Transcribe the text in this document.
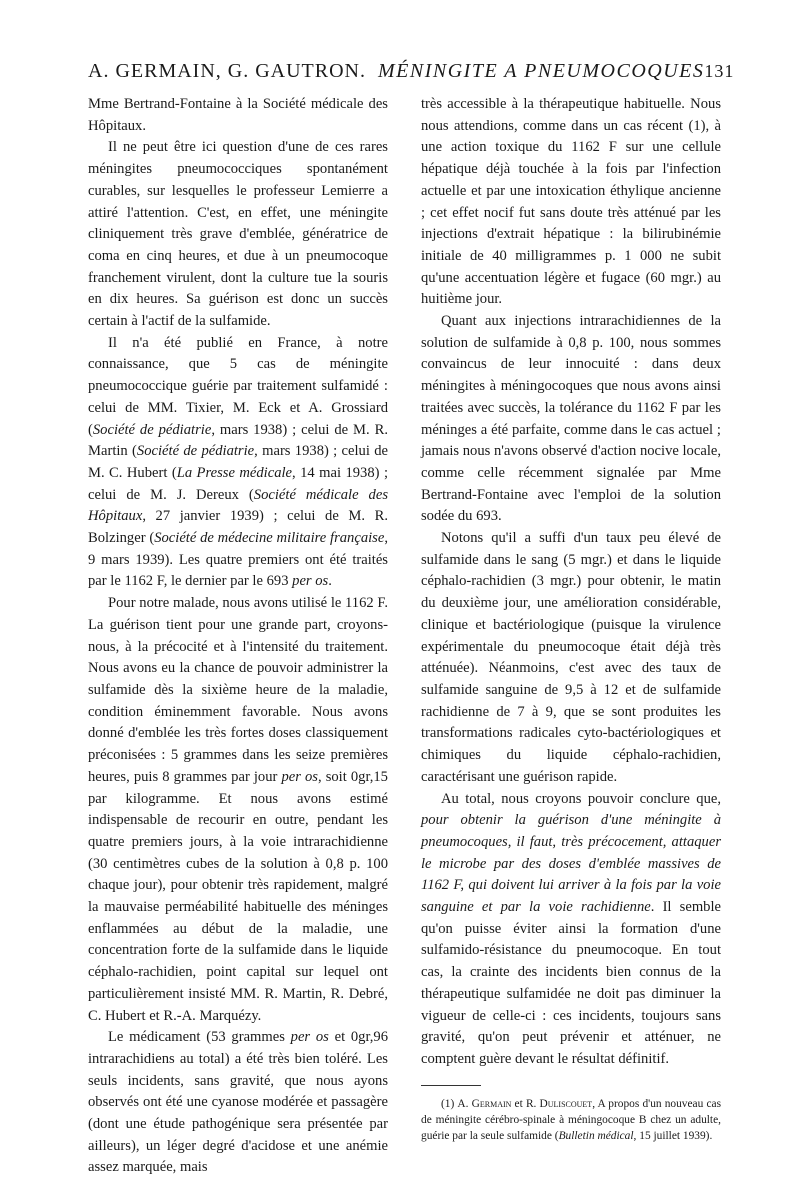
A. GERMAIN, G. GAUTRON. MÉNINGITE A PNEUMOCOQUES 131

Mme Bertrand-Fontaine à la Société médicale des Hôpitaux.

Il ne peut être ici question d'une de ces rares méningites pneumococciques spontanément curables, sur lesquelles le professeur Lemierre a attiré l'attention. C'est, en effet, une méningite cliniquement très grave d'emblée, génératrice de coma en cinq heures, et due à un pneumocoque franchement virulent, dont la culture tue la souris en dix heures. Sa guérison est donc un succès certain à l'actif de la sulfamide.

Il n'a été publié en France, à notre connaissance, que 5 cas de méningite pneumococcique guérie par traitement sulfamidé : celui de MM. Tixier, M. Eck et A. Grossiard (Société de pédiatrie, mars 1938) ; celui de M. R. Martin (Société de pédiatrie, mars 1938) ; celui de M. C. Hubert (La Presse médicale, 14 mai 1938) ; celui de M. J. Dereux (Société médicale des Hôpitaux, 27 janvier 1939) ; celui de M. R. Bolzinger (Société de médecine militaire française, 9 mars 1939). Les quatre premiers ont été traités par le 1162 F, le dernier par le 693 per os.

Pour notre malade, nous avons utilisé le 1162 F. La guérison tient pour une grande part, croyons-nous, à la précocité et à l'intensité du traitement. Nous avons eu la chance de pouvoir administrer la sulfamide dès la sixième heure de la maladie, condition éminemment favorable. Nous avons donné d'emblée les très fortes doses classiquement préconisées : 5 grammes dans les seize premières heures, puis 8 grammes par jour per os, soit 0gr,15 par kilogramme. Et nous avons estimé indispensable de recourir en outre, pendant les quatre premiers jours, à la voie intrarachidienne (30 centimètres cubes de la solution à 0,8 p. 100 chaque jour), pour obtenir très rapidement, malgré la mauvaise perméabilité habituelle des méninges enflammées au début de la maladie, une concentration forte de la sulfamide dans le liquide céphalo-rachidien, point capital sur lequel ont particulièrement insisté MM. R. Martin, R. Debré, C. Hubert et R.-A. Marquézy.

Le médicament (53 grammes per os et 0gr,96 intrarachidiens au total) a été très bien toléré. Les seuls incidents, sans gravité, que nous ayons observés ont été une cyanose modérée et passagère (dont une étude pathogénique sera présentée par ailleurs), un léger degré d'acidose et une anémie assez marquée, mais

très accessible à la thérapeutique habituelle. Nous nous attendions, comme dans un cas récent (1), à une action toxique du 1162 F sur une cellule hépatique déjà touchée à la fois par l'infection actuelle et par une intoxication éthylique ancienne ; cet effet nocif fut sans doute très atténué par les injections d'extrait hépatique : la bilirubinémie initiale de 40 milligrammes p. 1 000 ne subit qu'une accentuation légère et fugace (60 mgr.) au huitième jour.

Quant aux injections intrarachidiennes de la solution de sulfamide à 0,8 p. 100, nous sommes convaincus de leur innocuité : dans deux méningites à méningocoques que nous avons ainsi traitées avec succès, la tolérance du 1162 F par les méninges a été parfaite, comme dans le cas actuel ; jamais nous n'avons observé d'action nocive locale, comme celle récemment signalée par Mme Bertrand-Fontaine avec l'emploi de la solution sodée du 693.

Notons qu'il a suffi d'un taux peu élevé de sulfamide dans le sang (5 mgr.) et dans le liquide céphalo-rachidien (3 mgr.) pour obtenir, le matin du deuxième jour, une amélioration considérable, clinique et bactériologique (puisque la virulence expérimentale du pneumocoque était déjà très atténuée). Néanmoins, c'est avec des taux de sulfamide sanguine de 9,5 à 12 et de sulfamide rachidienne de 7 à 9, que se sont produites les transformations radicales cyto-bactériologiques et chimiques du liquide céphalo-rachidien, caractérisant une guérison rapide.

Au total, nous croyons pouvoir conclure que, pour obtenir la guérison d'une méningite à pneumocoques, il faut, très précocement, attaquer le microbe par des doses d'emblée massives de 1162 F, qui doivent lui arriver à la fois par la voie sanguine et par la voie rachidienne. Il semble qu'on puisse éviter ainsi la formation d'une sulfamido-résistance du pneumocoque. En tout cas, la crainte des incidents bien connus de la thérapeutique sulfamidée ne doit pas diminuer la vigueur de celle-ci : ces incidents, toujours sans gravité, qu'on peut prévenir et atténuer, ne comptent guère devant le résultat définitif.

(1) A. Germain et R. Duliscouet, A propos d'un nouveau cas de méningite cérébro-spinale à méningocoque B chez un adulte, guérie par la seule sulfamide (Bulletin médical, 15 juillet 1939).
